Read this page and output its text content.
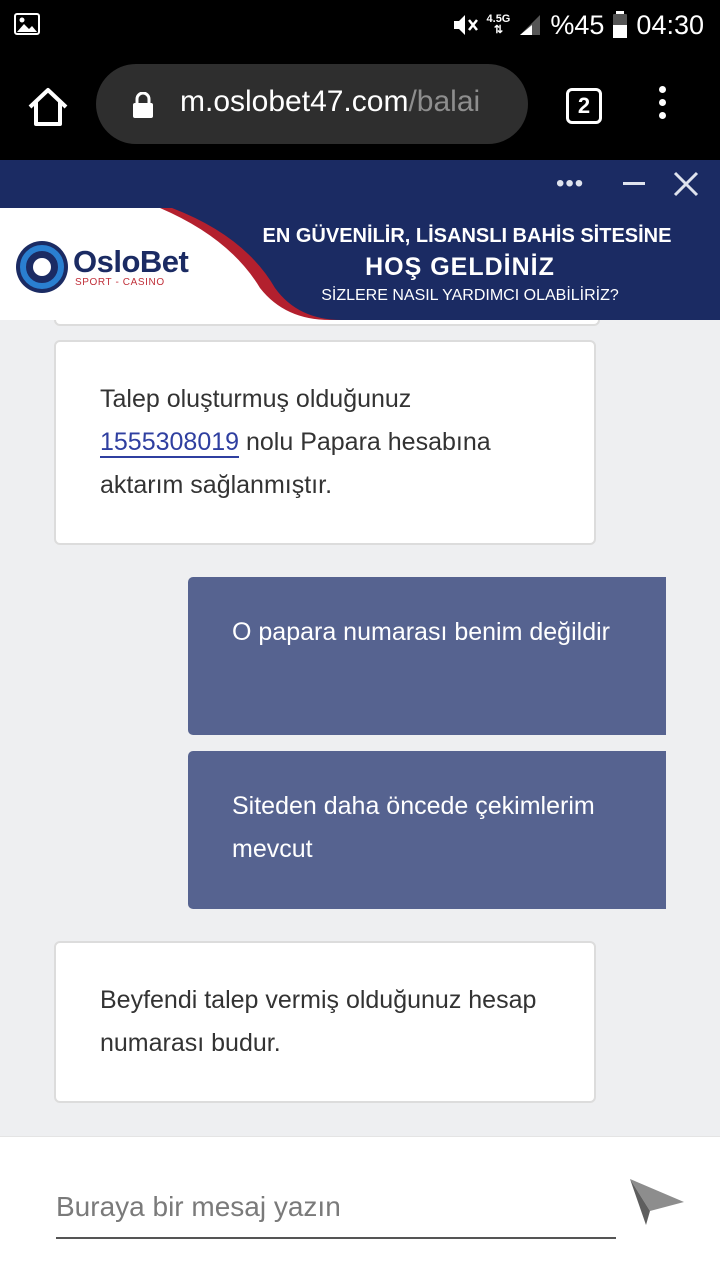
4.5G
⇅ %45 04:30
m.oslobet47.com/balai	2
•••
OsloBet
SPORT - CASINO
EN GÜVENİLİR, LİSANSLI BAHİS SİTESİNE
HOŞ GELDİNİZ
SİZLERE NASIL YARDIMCI OLABİLİRİZ?
Talep oluşturmuş olduğunuz 1555308019 nolu Papara hesabına aktarım sağlanmıştır.
O papara numarası benim değildir
Siteden daha öncede çekimlerim mevcut
Beyfendi talep vermiş olduğunuz hesap numarası budur.
Buraya bir mesaj yazın
